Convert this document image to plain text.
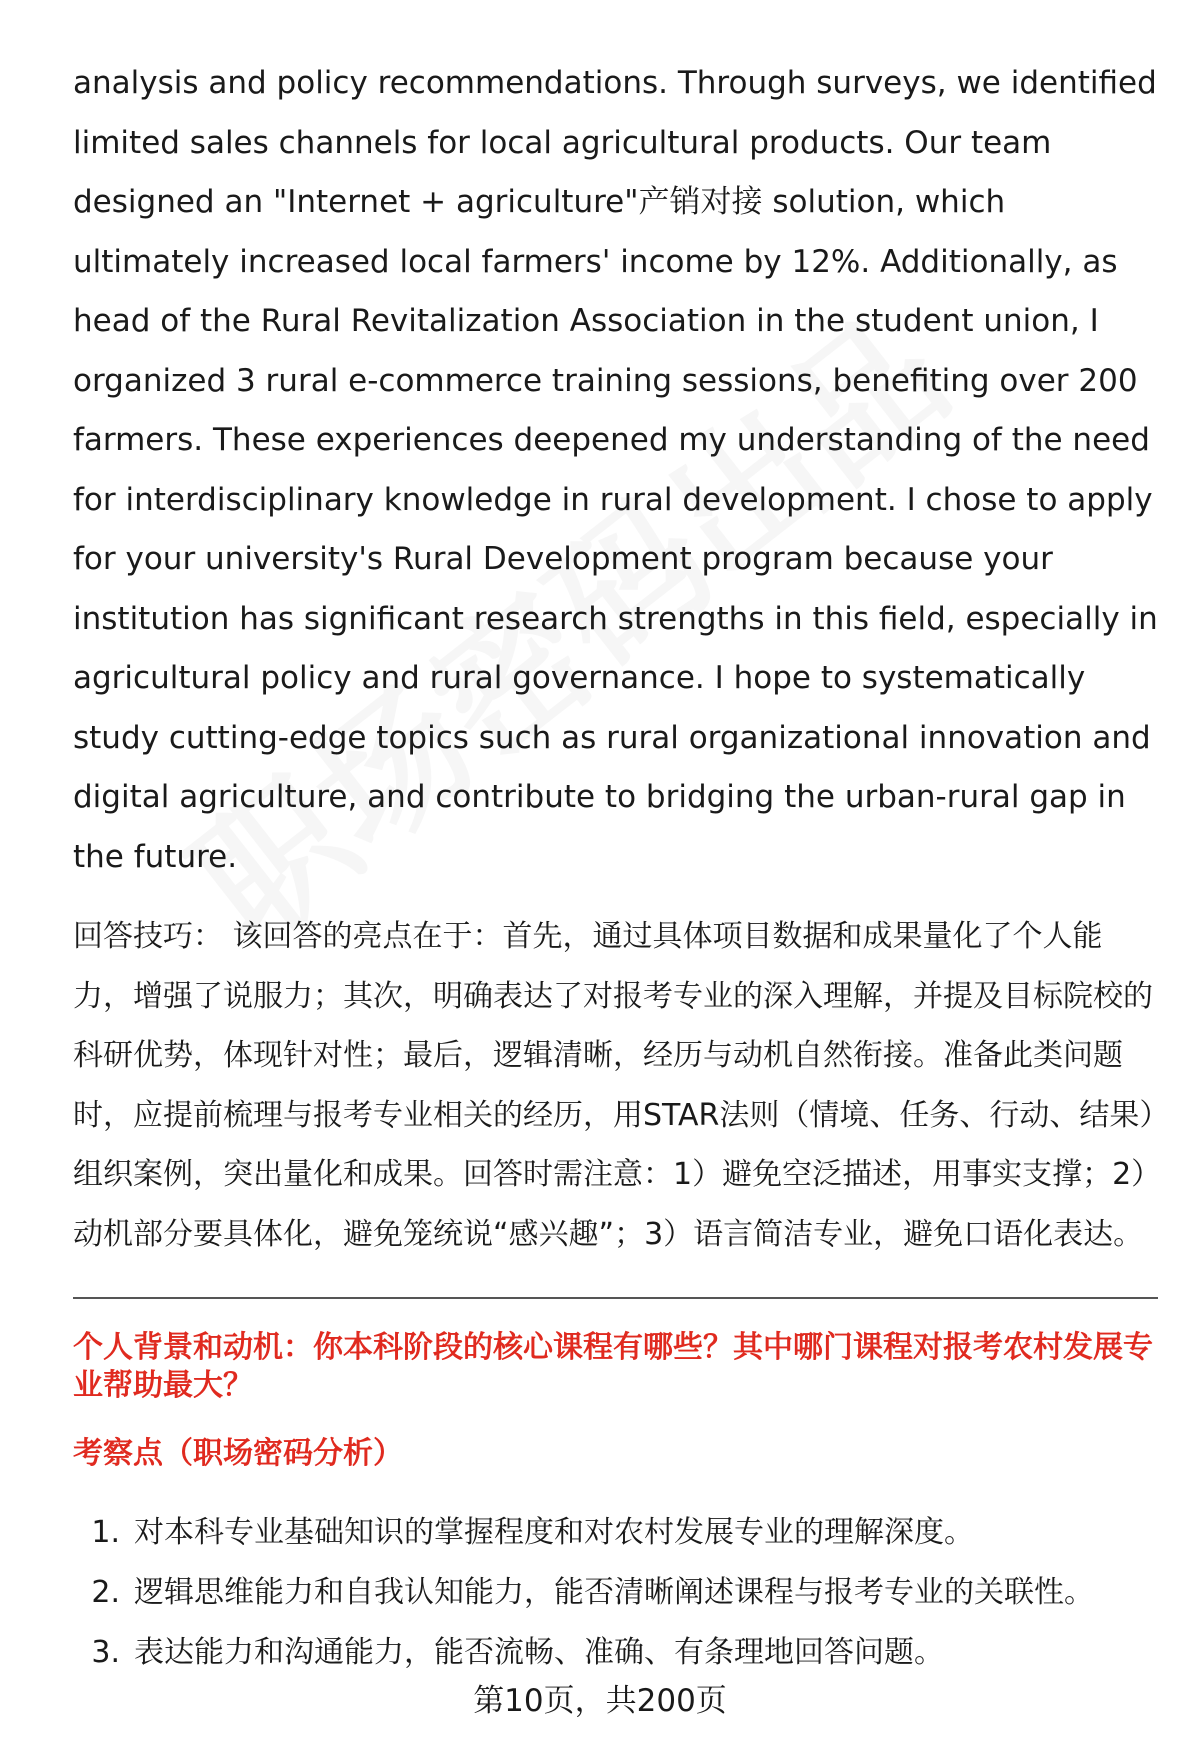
analysis and policy recommendations. Through surveys, we identified limited sales channels for local agricultural products. Our team designed an "Internet + agriculture"产销对接 solution, which ultimately increased local farmers' income by 12%. Additionally, as head of the Rural Revitalization Association in the student union, I organized 3 rural e-commerce training sessions, benefiting over 200 farmers. These experiences deepened my understanding of the need for interdisciplinary knowledge in rural development. I chose to apply for your university's Rural Development program because your institution has significant research strengths in this field, especially in agricultural policy and rural governance. I hope to systematically study cutting-edge topics such as rural organizational innovation and digital agriculture, and contribute to bridging the urban-rural gap in the future.

回答技巧： 该回答的亮点在于：首先，通过具体项目数据和成果量化了个人能力，增强了说服力；其次，明确表达了对报考专业的深入理解，并提及目标院校的科研优势，体现针对性；最后，逻辑清晰，经历与动机自然衔接。准备此类问题时，应提前梳理与报考专业相关的经历，用STAR法则（情境、任务、行动、结果）组织案例，突出量化和成果。回答时需注意：1）避免空泛描述，用事实支撑；2）动机部分要具体化，避免笼统说“感兴趣”；3）语言简洁专业，避免口语化表达。

个人背景和动机：你本科阶段的核心课程有哪些？其中哪门课程对报考农村发展专业帮助最大？
考察点（职场密码分析）
1. 对本科专业基础知识的掌握程度和对农村发展专业的理解深度。
2. 逻辑思维能力和自我认知能力，能否清晰阐述课程与报考专业的关联性。
3. 表达能力和沟通能力，能否流畅、准确、有条理地回答问题。
第10页，共200页
